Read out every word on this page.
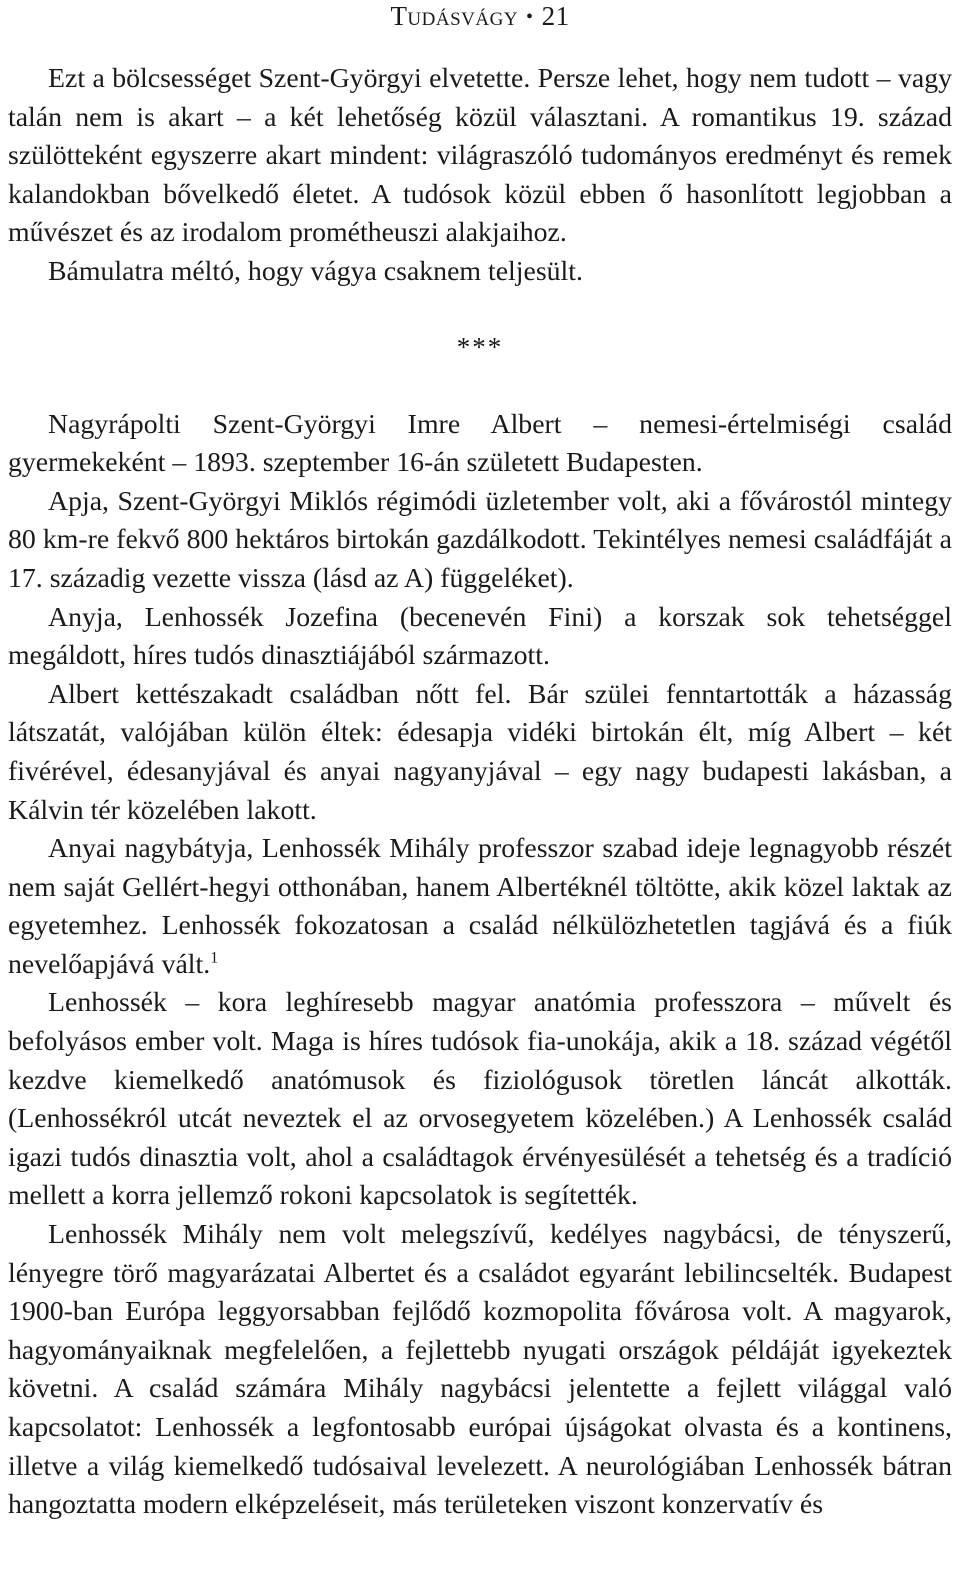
Tudásvágy • 21

Ezt a bölcsességet Szent-Györgyi elvetette. Persze lehet, hogy nem tudott – vagy talán nem is akart – a két lehetőség közül választani. A romantikus 19. század szülötteként egyszerre akart mindent: világraszóló tudományos eredményt és remek kalandokban bővelkedő életet. A tudósok közül ebben ő hasonlított legjobban a művészet és az irodalom prométheuszi alakjaihoz.

Bámulatra méltó, hogy vágya csaknem teljesült.

***

Nagyrápolti Szent-Györgyi Imre Albert – nemesi-értelmiségi család gyermekeként – 1893. szeptember 16-án született Budapesten.

Apja, Szent-Györgyi Miklós régimódi üzletember volt, aki a fővárostól mintegy 80 km-re fekvő 800 hektáros birtokán gazdálkodott. Tekintélyes nemesi családfáját a 17. századig vezette vissza (lásd az A) függeléket).

Anyja, Lenhossék Jozefina (becenevén Fini) a korszak sok tehetséggel megáldott, híres tudós dinasztiájából származott.

Albert kettészakadt családban nőtt fel. Bár szülei fenntartották a házasság látszatát, valójában külön éltek: édesapja vidéki birtokán élt, míg Albert – két fivérével, édesanyjával és anyai nagyanyjával – egy nagy budapesti lakásban, a Kálvin tér közelében lakott.

Anyai nagybátyja, Lenhossék Mihály professzor szabad ideje legnagyobb részét nem saját Gellért-hegyi otthonában, hanem Albertéknél töltötte, akik közel laktak az egyetemhez. Lenhossék fokozatosan a család nélkülözhetetlen tagjává és a fiúk nevelőapjává vált.$^1$

Lenhossék – kora leghíresebb magyar anatómia professzora – művelt és befolyásos ember volt. Maga is híres tudósok fia-unokája, akik a 18. század végétől kezdve kiemelkedő anatómusok és fiziológusok töretlen láncát alkották. (Lenhossékról utcát neveztek el az orvosegyetem közelében.) A Lenhossék család igazi tudós dinasztia volt, ahol a családtagok érvényesülését a tehetség és a tradíció mellett a korra jellemző rokoni kapcsolatok is segítették.

Lenhossék Mihály nem volt melegszívű, kedélyes nagybácsi, de tényszerű, lényegre törő magyarázatai Albertet és a családot egyaránt lebilincselték. Budapest 1900-ban Európa leggyorsabban fejlődő kozmopolita fővárosa volt. A magyarok, hagyományaiknak megfelelően, a fejlettebb nyugati országok példáját igyekeztek követni. A család számára Mihály nagybácsi jelentette a fejlett világgal való kapcsolatot: Lenhossék a legfontosabb európai újságokat olvasta és a kontinens, illetve a világ kiemelkedő tudósaival levelezett. A neurológiában Lenhossék bátran hangoztatta modern elképzeléseit, más területeken viszont konzervatív és
